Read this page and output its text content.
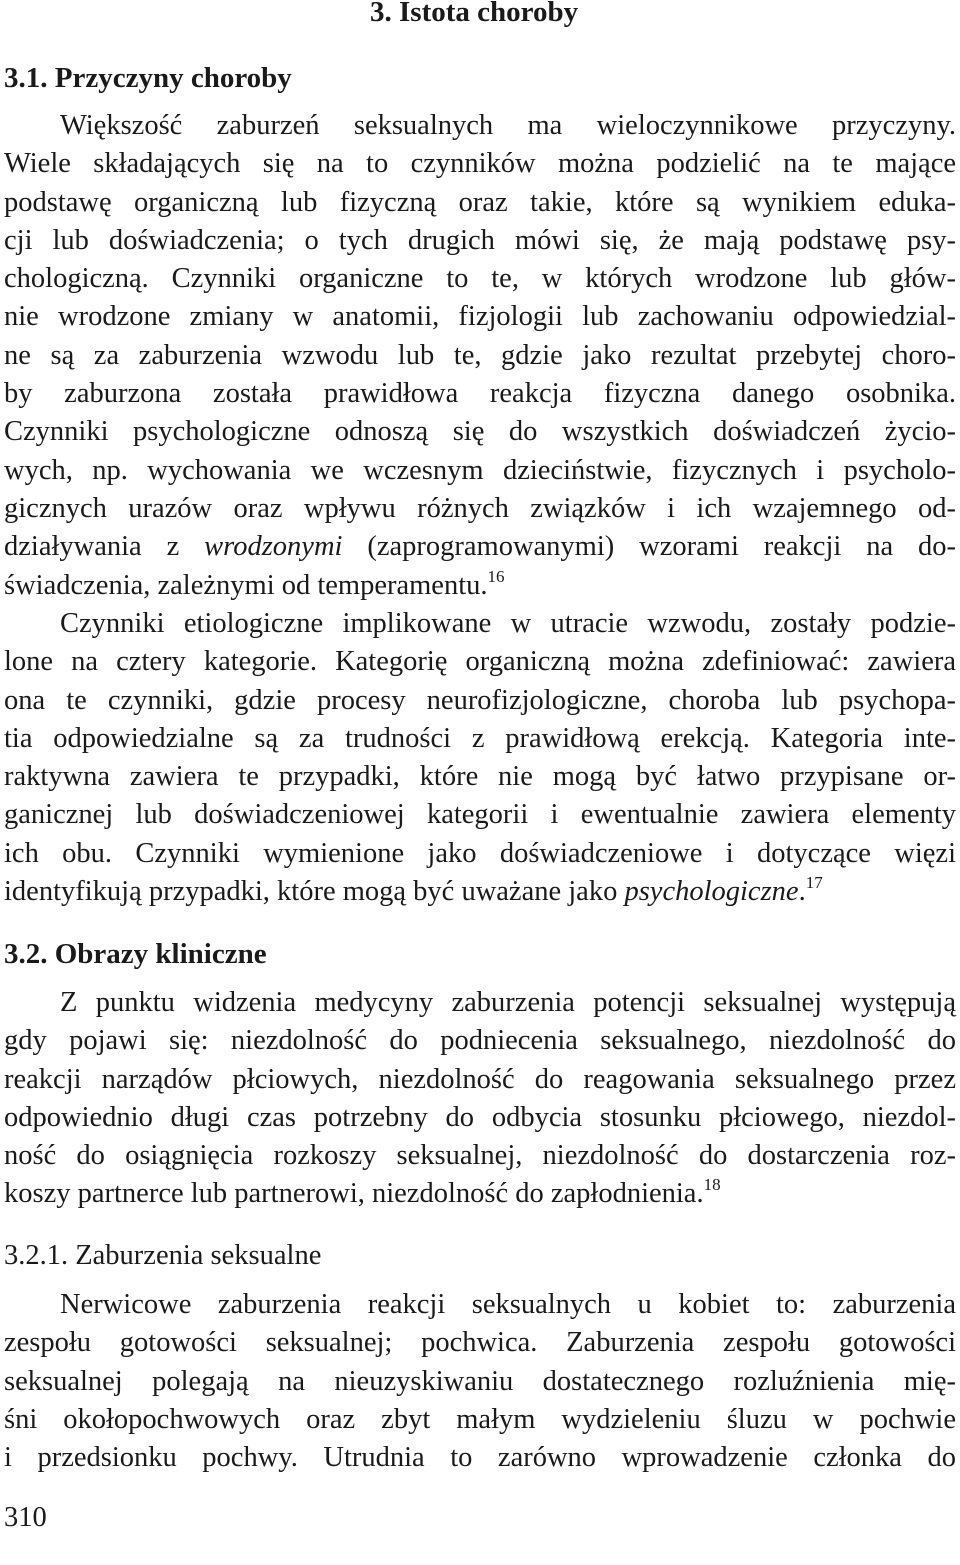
3. Istota choroby
3.1. Przyczyny choroby
Większość zaburzeń seksualnych ma wieloczynnikowe przyczyny.
Wiele składających się na to czynników można podzielić na te mające
podstawę organiczną lub fizyczną oraz takie, które są wynikiem eduka-
cji lub doświadczenia; o tych drugich mówi się, że mają podstawę psy-
chologiczną. Czynniki organiczne to te, w których wrodzone lub głów-
nie wrodzone zmiany w anatomii, fizjologii lub zachowaniu odpowiedzial-
ne są za zaburzenia wzwodu lub te, gdzie jako rezultat przebytej choro-
by zaburzona została prawidłowa reakcja fizyczna danego osobnika.
Czynniki psychologiczne odnoszą się do wszystkich doświadczeń życio-
wych, np. wychowania we wczesnym dzieciństwie, fizycznych i psycholo-
gicznych urazów oraz wpływu różnych związków i ich wzajemnego od-
działywania z wrodzonymi (zaprogramowanymi) wzorami reakcji na do-
świadczenia, zależnymi od temperamentu.$^{16}$
Czynniki etiologiczne implikowane w utracie wzwodu, zostały podzie-
lone na cztery kategorie. Kategorię organiczną można zdefiniować: zawiera
ona te czynniki, gdzie procesy neurofizjologiczne, choroba lub psychopa-
tia odpowiedzialne są za trudności z prawidłową erekcją. Kategoria inte-
raktywna zawiera te przypadki, które nie mogą być łatwo przypisane or-
ganicznej lub doświadczeniowej kategorii i ewentualnie zawiera elementy
ich obu. Czynniki wymienione jako doświadczeniowe i dotyczące więzi
identyfikują przypadki, które mogą być uważane jako psychologiczne.$^{17}$
3.2. Obrazy kliniczne
Z punktu widzenia medycyny zaburzenia potencji seksualnej występują
gdy pojawi się: niezdolność do podniecenia seksualnego, niezdolność do
reakcji narządów płciowych, niezdolność do reagowania seksualnego przez
odpowiednio długi czas potrzebny do odbycia stosunku płciowego, niezdol-
ność do osiągnięcia rozkoszy seksualnej, niezdolność do dostarczenia roz-
koszy partnerce lub partnerowi, niezdolność do zapłodnienia.$^{18}$
3.2.1. Zaburzenia seksualne
Nerwicowe zaburzenia reakcji seksualnych u kobiet to: zaburzenia
zespołu gotowości seksualnej; pochwica. Zaburzenia zespołu gotowości
seksualnej polegają na nieuzyskiwaniu dostatecznego rozluźnienia mię-
śni okołopochwowych oraz zbyt małym wydzieleniu śluzu w pochwie
i przedsionku pochwy. Utrudnia to zarówno wprowadzenie członka do
310
